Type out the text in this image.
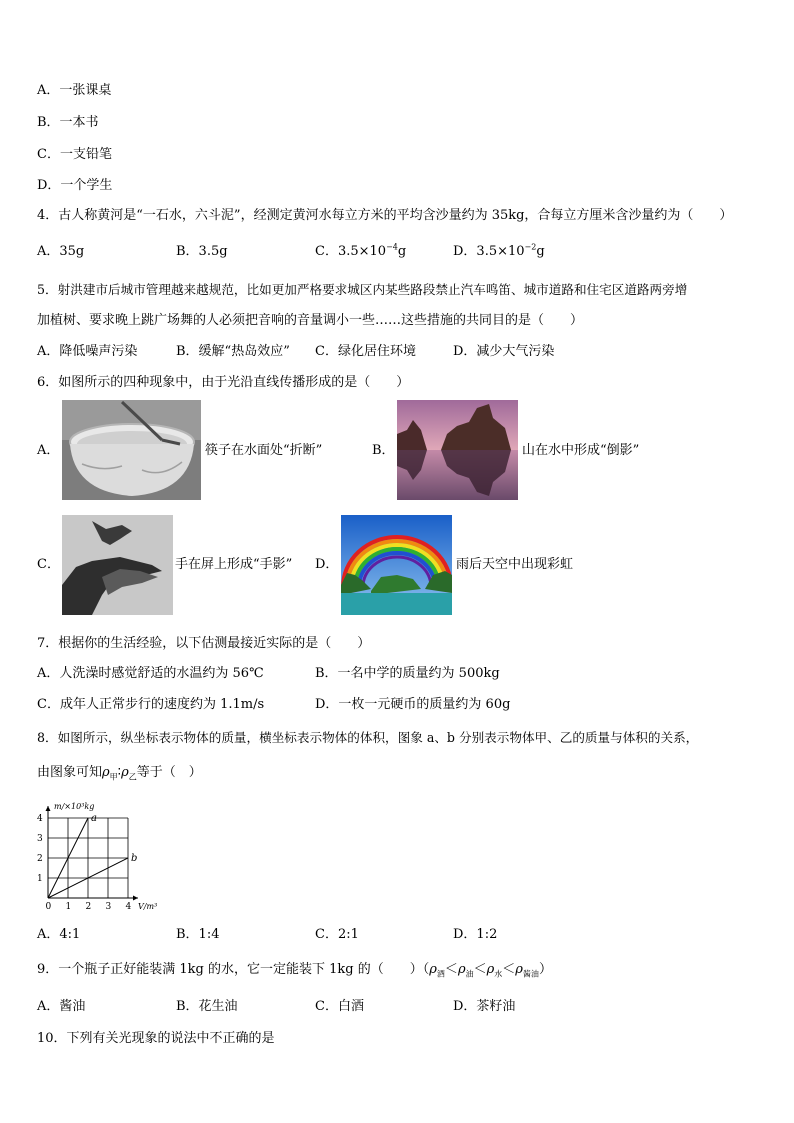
A．一张课桌
B．一本书
C．一支铅笔
D．一个学生
4．古人称黄河是“一石水，六斗泥”，经测定黄河水每立方米的平均含沙量约为 35kg，合每立方厘米含沙量约为（　　）
A．35g	B．3.5g	C．$3.5\times 10^{-4}g$	D．$3.5\times 10^{-2}g$
5．射洪建市后城市管理越来越规范，比如更加严格要求城区内某些路段禁止汽车鸣笛、城市道路和住宅区道路两旁增
加植树、要求晚上跳广场舞的人必须把音响的音量调小一些……这些措施的共同目的是（　　）
A．降低噪声污染	B．缓解“热岛效应” C．绿化居住环境	D．减少大气污染
6．如图所示的四种现象中，由于光沿直线传播形成的是（　　）
A．	筷子在水面处“折断”	B．	山在水中形成“倒影”
C．	手在屏上形成“手影” D．	雨后天空中出现彩虹
7．根据你的生活经验，以下估测最接近实际的是（　　）
A．人洗澡时感觉舒适的水温约为 56℃	B．一名中学的质量约为 500kg
C．成年人正常步行的速度约为 1.1m/s	D．一枚一元硬币的质量约为 60g
8．如图所示，纵坐标表示物体的质量，横坐标表示物体的体积，图象 a、b 分别表示物体甲、乙的质量与体积的关系，
由图象可知$\rho_甲∶\rho_乙$等于（　）
0 1 2 3 4
1
2
3
4
m/×10³kg
V/m³
a
b
A．4:1	B．1:4	C．2:1	D．1:2
9．一个瓶子正好能装满 1kg 的水，它一定能装下 1kg 的（　　）$(\rho_酒<\rho_油<\rho_水<\rho_{酱油})$
A．酱油	B．花生油	C．白酒	D．茶籽油
10．下列有关光现象的说法中不正确的是
